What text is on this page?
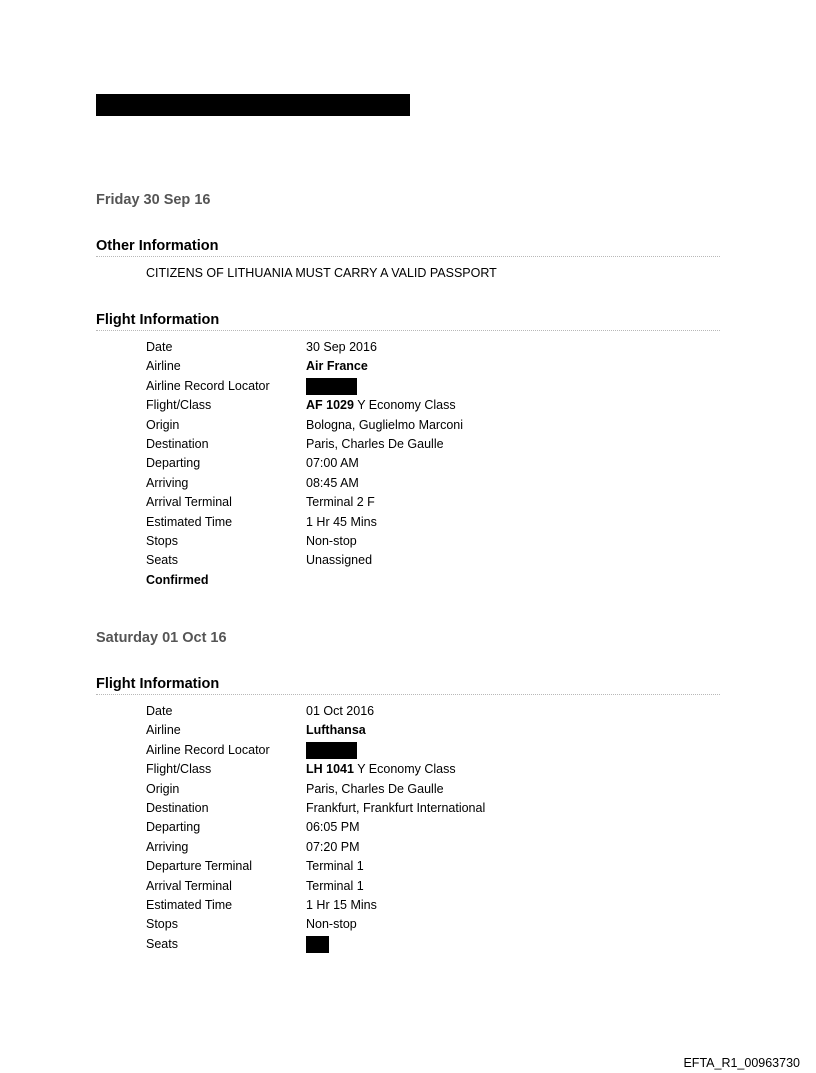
Friday 30 Sep 16
Other Information
CITIZENS OF LITHUANIA MUST CARRY A VALID PASSPORT
Flight Information
Date	30 Sep 2016
Airline	Air France
Airline Record Locator
Flight/Class	AF 1029 Y Economy Class
Origin	Bologna, Guglielmo Marconi
Destination	Paris, Charles De Gaulle
Departing	07:00 AM
Arriving	08:45 AM
Arrival Terminal	Terminal 2 F
Estimated Time	1 Hr 45 Mins
Stops	Non-stop
Seats	Unassigned
Confirmed
Saturday 01 Oct 16
Flight Information
Date	01 Oct 2016
Airline	Lufthansa
Airline Record Locator
Flight/Class	LH 1041 Y Economy Class
Origin	Paris, Charles De Gaulle
Destination	Frankfurt, Frankfurt International
Departing	06:05 PM
Arriving	07:20 PM
Departure Terminal	Terminal 1
Arrival Terminal	Terminal 1
Estimated Time	1 Hr 15 Mins
Stops	Non-stop
Seats
EFTA_R1_00963730
